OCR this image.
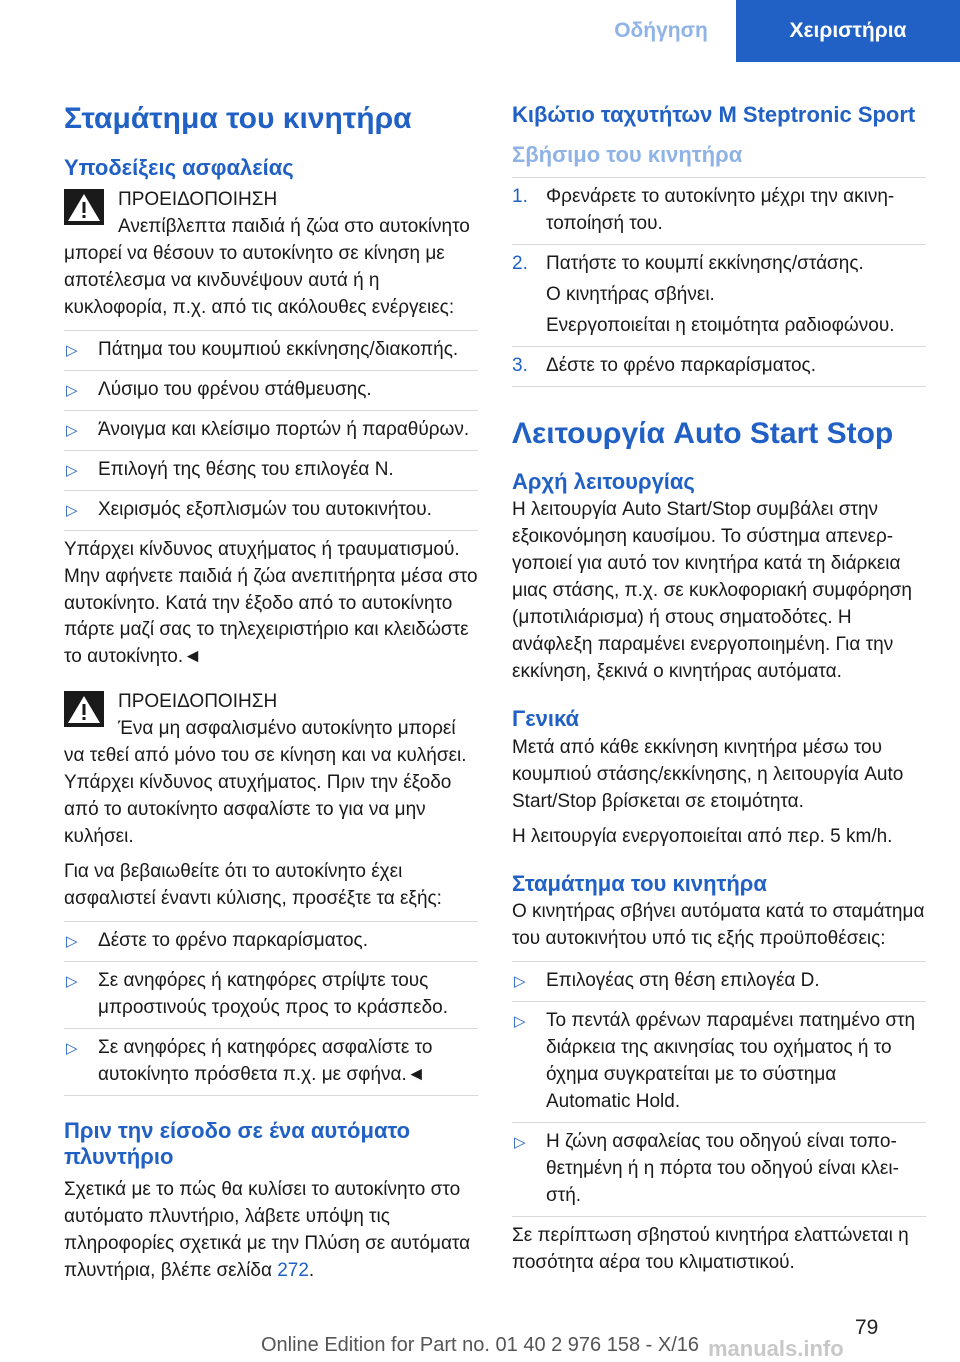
Οδήγηση	Χειριστήρια
Σταμάτημα του κινητήρα
Υποδείξεις ασφαλείας

ΠΡΟΕΙΔΟΠΟΙΗΣΗ

Ανεπίβλεπτα παιδιά ή ζώα στο αυτοκίνητο μπορεί να θέσουν το αυτοκίνητο σε κίνηση με αποτέλεσμα να κινδυνέψουν αυτά ή η κυκλοφορία, π.χ. από τις ακόλουθες ενέργειες:

▷ Πάτημα του κουμπιού εκκίνησης/διακοπής.
▷ Λύσιμο του φρένου στάθμευσης.
▷ Άνοιγμα και κλείσιμο πορτών ή παραθύρων.
▷ Επιλογή της θέσης του επιλογέα N.
▷ Χειρισμός εξοπλισμών του αυτοκινήτου.

Υπάρχει κίνδυνος ατυχήματος ή τραυματισμού. Μην αφήνετε παιδιά ή ζώα ανεπιτήρητα μέσα στο αυτοκίνητο. Κατά την έξοδο από το αυτοκίνητο πάρτε μαζί σας το τηλεχειριστήριο και κλειδώστε το αυτοκίνητο.◄

ΠΡΟΕΙΔΟΠΟΙΗΣΗ

Ένα μη ασφαλισμένο αυτοκίνητο μπορεί να τεθεί από μόνο του σε κίνηση και να κυλήσει. Υπάρχει κίνδυνος ατυχήματος. Πριν την έξοδο από το αυτοκίνητο ασφαλίστε το για να μην κυλήσει.

Για να βεβαιωθείτε ότι το αυτοκίνητο έχει ασφαλιστεί έναντι κύλισης, προσέξτε τα εξής:

▷ Δέστε το φρένο παρκαρίσματος.
▷ Σε ανηφόρες ή κατηφόρες στρίψτε τους μπροστινούς τροχούς προς το κράσπεδο.
▷ Σε ανηφόρες ή κατηφόρες ασφαλίστε το αυτοκίνητο πρόσθετα π.χ. με σφήνα.◄
Πριν την είσοδο σε ένα αυτόματο πλυντήριο

Σχετικά με το πώς θα κυλίσει το αυτοκίνητο στο αυτόματο πλυντήριο, λάβετε υπόψη τις πληροφορίες σχετικά με την Πλύση σε αυτόματα πλυντήρια, βλέπε σελίδα 272.

Κιβώτιο ταχυτήτων M Steptronic Sport
Σβήσιμο του κινητήρα
1. Φρενάρετε το αυτοκίνητο μέχρι την ακινητοποίησή του.
2. Πατήστε το κουμπί εκκίνησης/στάσης.

Ο κινητήρας σβήνει.

Ενεργοποιείται η ετοιμότητα ραδιοφώνου.

3. Δέστε το φρένο παρκαρίσματος.
Λειτουργία Auto Start Stop
Αρχή λειτουργίας

Η λειτουργία Auto Start/Stop συμβάλει στην εξοικονόμηση καυσίμου. Το σύστημα απενεργοποιεί για αυτό τον κινητήρα κατά τη διάρκεια μιας στάσης, π.χ. σε κυκλοφοριακή συμφόρηση (μποτιλιάρισμα) ή στους σηματοδότες. Η ανάφλεξη παραμένει ενεργοποιημένη. Για την εκκίνηση, ξεκινά ο κινητήρας αυτόματα.

Γενικά

Μετά από κάθε εκκίνηση κινητήρα μέσω του κουμπιού στάσης/εκκίνησης, η λειτουργία Auto Start/Stop βρίσκεται σε ετοιμότητα.

Η λειτουργία ενεργοποιείται από περ. 5 km/h.

Σταμάτημα του κινητήρα

Ο κινητήρας σβήνει αυτόματα κατά το σταμάτημα του αυτοκινήτου υπό τις εξής προϋποθέσεις:

▷ Επιλογέας στη θέση επιλογέα D.
▷ Το πεντάλ φρένων παραμένει πατημένο στη διάρκεια της ακινησίας του οχήματος ή το όχημα συγκρατείται με το σύστημα Automatic Hold.
▷ Η ζώνη ασφαλείας του οδηγού είναι τοποθετημένη ή η πόρτα του οδηγού είναι κλειστή.

Σε περίπτωση σβηστού κινητήρα ελαττώνεται η ποσότητα αέρα του κλιματιστικού.

79
Online Edition for Part no. 01 40 2 976 158 - X/16 manuals.info
